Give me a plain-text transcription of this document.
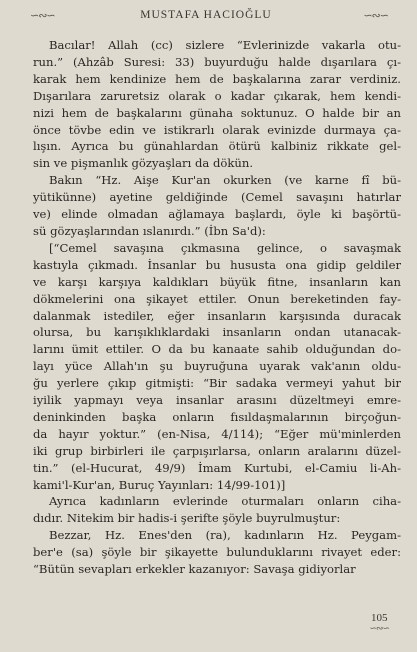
∽∾∽	MUSTAFA HACIOĞLU	∽∾∽
Bacılar! Allah (cc) sizlere “Evlerinizde vakarla otu-
run.” (Ahzâb Suresi: 33) buyurduğu halde dışarılara çı-
karak hem kendinize hem de başkalarına zarar verdiniz.
Dışarılara zaruretsiz olarak o kadar çıkarak, hem kendi-
nizi hem de başkalarını günaha soktunuz. O halde bir an
önce tövbe edin ve istikrarlı olarak evinizde durmaya ça-
lışın. Ayrıca bu günahlardan ötürü kalbiniz rikkate gel-
sin ve pişmanlık gözyaşları da dökün.
Bakın “Hz. Aişe Kur'an okurken (ve karne fî bü-
yütikünne) ayetine geldiğinde (Cemel savaşını hatırlar
ve) elinde olmadan ağlamaya başlardı, öyle ki başörtü-
sü gözyaşlarından ıslanırdı.” (İbn Sa'd):
[“Cemel savaşına çıkmasına gelince, o savaşmak
kastıyla çıkmadı. İnsanlar bu hususta ona gidip geldiler
ve karşı karşıya kaldıkları büyük fitne, insanların kan
dökmelerini ona şikayet ettiler. Onun bereketinden fay-
dalanmak istediler, eğer insanların karşısında duracak
olursa, bu karışıklıklardaki insanların ondan utanacak-
larını ümit ettiler. O da bu kanaate sahib olduğundan do-
layı yüce Allah'ın şu buyruğuna uyarak vak'anın oldu-
ğu yerlere çıkıp gitmişti: “Bir sadaka vermeyi yahut bir
iyilik yapmayı veya insanlar arasını düzeltmeyi emre-
deninkinden başka onların fısıldaşmalarının birçoğun-
da hayır yoktur.” (en-Nisa, 4/114); “Eğer mü'minlerden
iki grup birbirleri ile çarpışırlarsa, onların aralarını düzel-
tin.” (el-Hucurat, 49/9) İmam Kurtubi, el-Camiu li-Ah-
kami'l-Kur'an, Buruç Yayınları: 14/99-101)]
Ayrıca kadınların evlerinde oturmaları onların ciha-
dıdır. Nitekim bir hadis-i şerifte şöyle buyrulmuştur:
Bezzar, Hz. Enes'den (ra), kadınların Hz. Peygam-
ber'e (sa) şöyle bir şikayette bulunduklarını rivayet eder:
“Bütün sevapları erkekler kazanıyor: Savaşa gidiyorlar
105
∽∾∽
